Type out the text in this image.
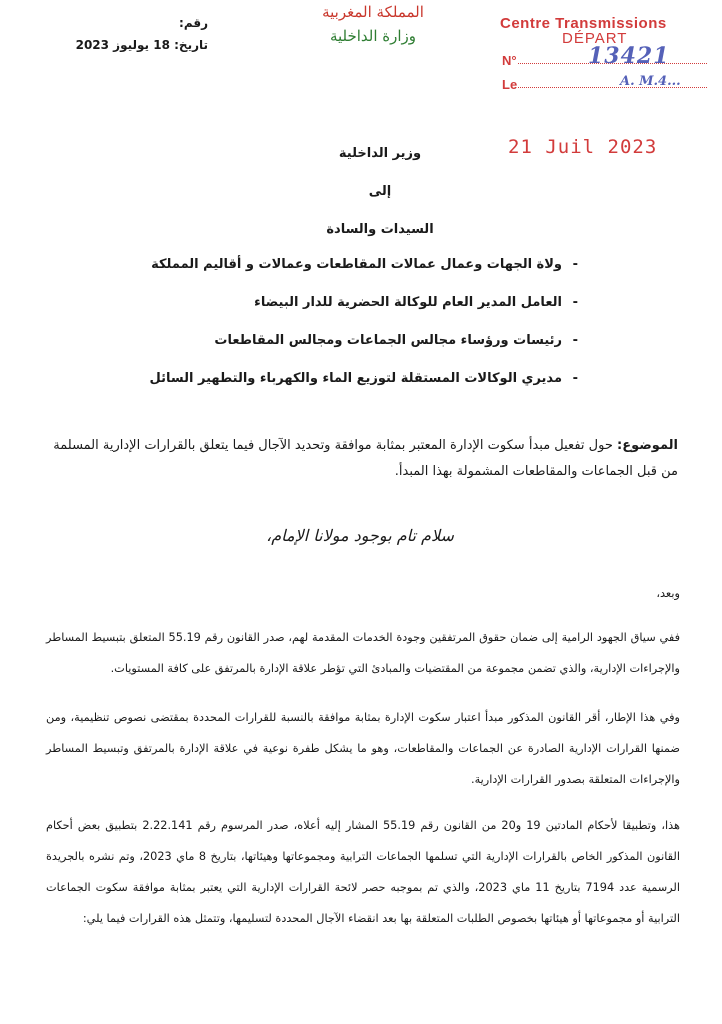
رقم:
تاريخ: 18 يوليوز 2023
المملكة المغربية
وزارة الداخلية
Centre Transmissions
DÉPART
N°	13421
Le	A. M.4...
21 Juil 2023
وزير الداخلية
إلى
السيدات والسادة
-
ولاة الجهات وعمال عمالات المقاطعات وعمالات و أقاليم المملكة
-
العامل المدير العام للوكالة الحضرية للدار البيضاء
-
رئيسات ورؤساء مجالس الجماعات ومجالس المقاطعات
-
مديري الوكالات المستقلة لتوزيع الماء والكهرباء والتطهير السائل
الموضوع: حول تفعيل مبدأ سكوت الإدارة المعتبر بمثابة موافقة وتحديد الآجال فيما يتعلق بالقرارات الإدارية المسلمة من قبل الجماعات والمقاطعات المشمولة بهذا المبدأ.
سلام تام بوجود مولانا الإمام،

وبعد،

ففي سياق الجهود الرامية إلى ضمان حقوق المرتفقين وجودة الخدمات المقدمة لهم، صدر القانون رقم 55.19 المتعلق بتبسيط المساطر والإجراءات الإدارية، والذي تضمن مجموعة من المقتضيات والمبادئ التي تؤطر علاقة الإدارة بالمرتفق على كافة المستويات.

وفي هذا الإطار، أقر القانون المذكور مبدأ اعتبار سكوت الإدارة بمثابة موافقة بالنسبة للقرارات المحددة بمقتضى نصوص تنظيمية، ومن ضمنها القرارات الإدارية الصادرة عن الجماعات والمقاطعات، وهو ما يشكل طفرة نوعية في علاقة الإدارة بالمرتفق وتبسيط المساطر والإجراءات المتعلقة بصدور القرارات الإدارية.

هذا، وتطبيقا لأحكام المادتين 19 و20 من القانون رقم 55.19 المشار إليه أعلاه، صدر المرسوم رقم 2.22.141 بتطبيق بعض أحكام القانون المذكور الخاص بالقرارات الإدارية التي تسلمها الجماعات الترابية ومجموعاتها وهيئاتها، بتاريخ 8 ماي 2023، وتم نشره بالجريدة الرسمية عدد 7194 بتاريخ 11 ماي 2023، والذي تم بموجبه حصر لائحة القرارات الإدارية التي يعتبر بمثابة موافقة سكوت الجماعات الترابية أو مجموعاتها أو هيئاتها بخصوص الطلبات المتعلقة بها بعد انقضاء الآجال المحددة لتسليمها، وتتمثل هذه القرارات فيما يلي:
